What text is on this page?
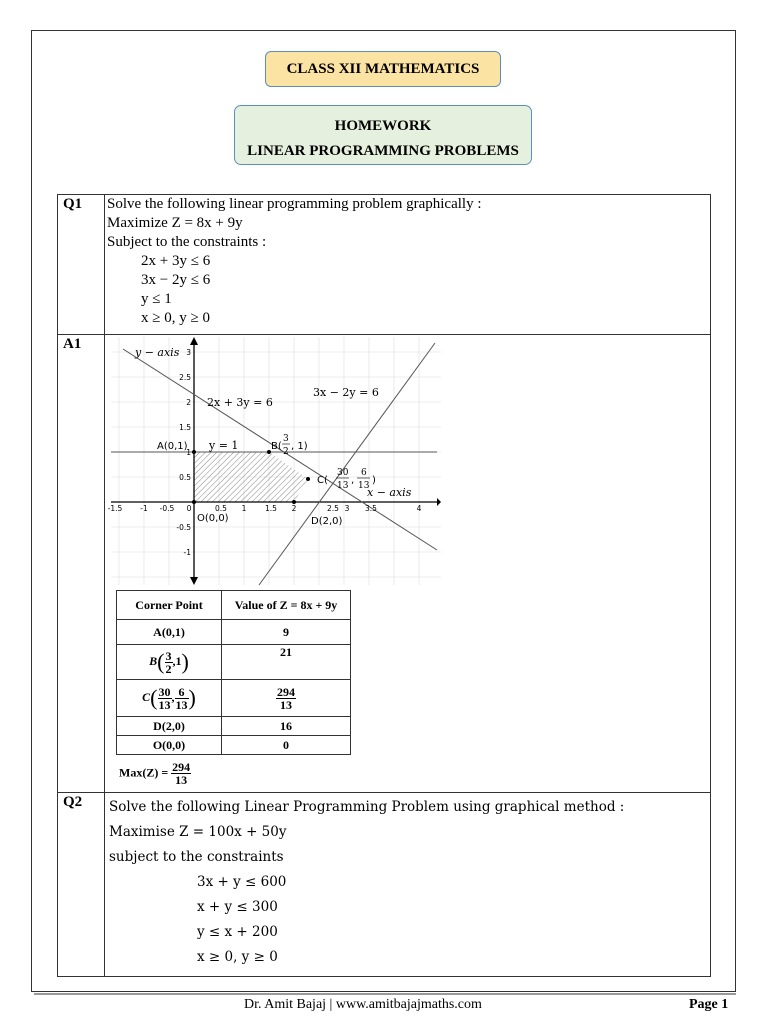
CLASS XII MATHEMATICS
HOMEWORK
LINEAR PROGRAMMING PROBLEMS
Q1	Solve the following linear programming problem graphically :
Maximize Z = 8x + 9y
Subject to the constraints :
2x + 3y ≤ 6
3x − 2y ≤ 6
y ≤ 1
x ≥ 0, y ≥ 0

A1	
y − axis
x − axis
2x + 3y = 6
3x − 2y = 6
y = 1
A(0,1)	B(
3
2 , 1)
C(
30
13 ,
6
13 )
O(0,0)	D(2,0)
-1.5 -1 -0.5 0	0.5 1 1.5 2	2.5 3 3.5	4
3
2.5
2
1.5
1
0.5
-0.5
-1
Corner Point	Value of Z = 8x + 9y
A(0,1)	9
$B( \frac{3}{2} ,1)$	21
$C( \frac{30}{13}$ , $\frac{6}{13}$ )	$\frac{294}{13}$

D(2,0)	16
O(0,0)	0
$Max(Z) = \frac{294}{13}$

Q2	Solve the following Linear Programming Problem using graphical method :
Maximise Z = 100x + 50y
subject to the constraints
3x + y ≤ 600
x + y ≤ 300
y ≤ x + 200
x ≥ 0, y ≥ 0
Dr. Amit Bajaj | www.amitbajajmaths.com	Page 1
